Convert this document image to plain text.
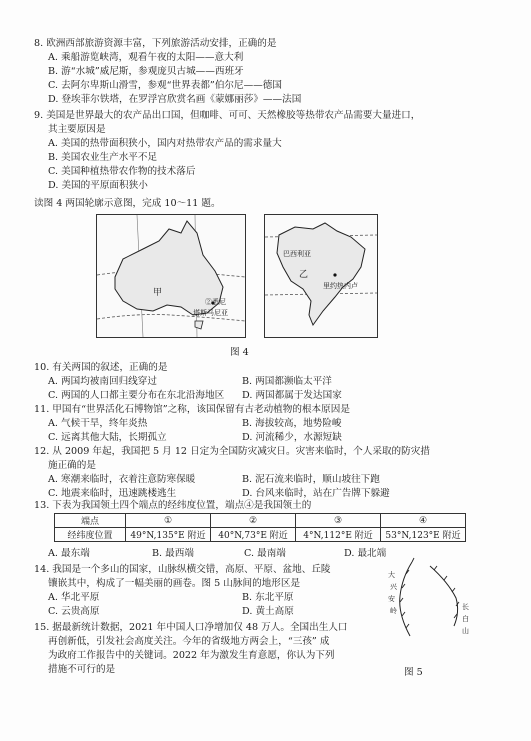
8. 欧洲西部旅游资源丰富，下列旅游活动安排，正确的是
A. 乘船游览峡湾，观看午夜的太阳——意大利
B. 游“水城”威尼斯，参观庞贝古城——西班牙
C. 去阿尔卑斯山滑雪，参观“世界表都”伯尔尼——德国
D. 登埃菲尔铁塔，在罗浮宫欣赏名画《蒙娜丽莎》——法国
9. 美国是世界最大的农产品出口国，但咖啡、可可、天然橡胶等热带农产品需要大量进口，
其主要原因是
A. 美国的热带面积狭小，国内对热带农产品的需求量大
B. 美国农业生产水平不足
C. 美国种植热带农作物的技术落后
D. 美国的平原面积狭小
读图 4 两国轮廓示意图，完成 10～11 题。
甲
②悉尼
塔斯马尼亚
巴西利亚
里约热内卢
乙
图 4
10. 有关两国的叙述，正确的是
A. 两国均被南回归线穿过	B. 两国都濒临太平洋
C. 两国的人口都主要分布在东北沿海地区 D. 两国都属于发达国家
11. 甲国有“世界活化石博物馆”之称，该国保留有古老动植物的根本原因是
A. 气候干旱，终年炎热	B. 海拔较高，地势险峻
C. 远离其他大陆，长期孤立	D. 河流稀少，水源短缺
12. 从 2009 年起，我国把 5 月 12 日定为全国防灾减灾日。灾害来临时，个人采取的防灾措
施正确的是
A. 寒潮来临时，衣着注意防寒保暖	B. 泥石流来临时，顺山坡往下跑
C. 地震来临时，迅速跳楼逃生	D. 台风来临时，站在广告牌下躲避
13. 下表为我国领土四个端点的经纬度位置，端点④是我国领土的
端点	①	②	③	④
经纬度位置	49°N,135°E 附近	40°N,73°E 附近	4°N,112°E 附近	53°N,123°E 附近
A. 最东端	B. 最西端	C. 最南端	D. 最北端
14. 我国是一个多山的国家，山脉纵横交错，高原、平原、盆地、丘陵
镶嵌其中，构成了一幅美丽的画卷。图 5 山脉间的地形区是
A. 华北平原	B. 东北平原
C. 云贵高原	D. 黄土高原
15. 据最新统计数据，2021 年中国人口净增加仅 48 万人。全国出生人口
再创新低，引发社会高度关注。今年的省级地方两会上，“三孩” 成
为政府工作报告中的关键词。2022 年为激发生育意愿，你认为下列
措施不可行的是
大
兴
安
岭	长
白
山
图 5
